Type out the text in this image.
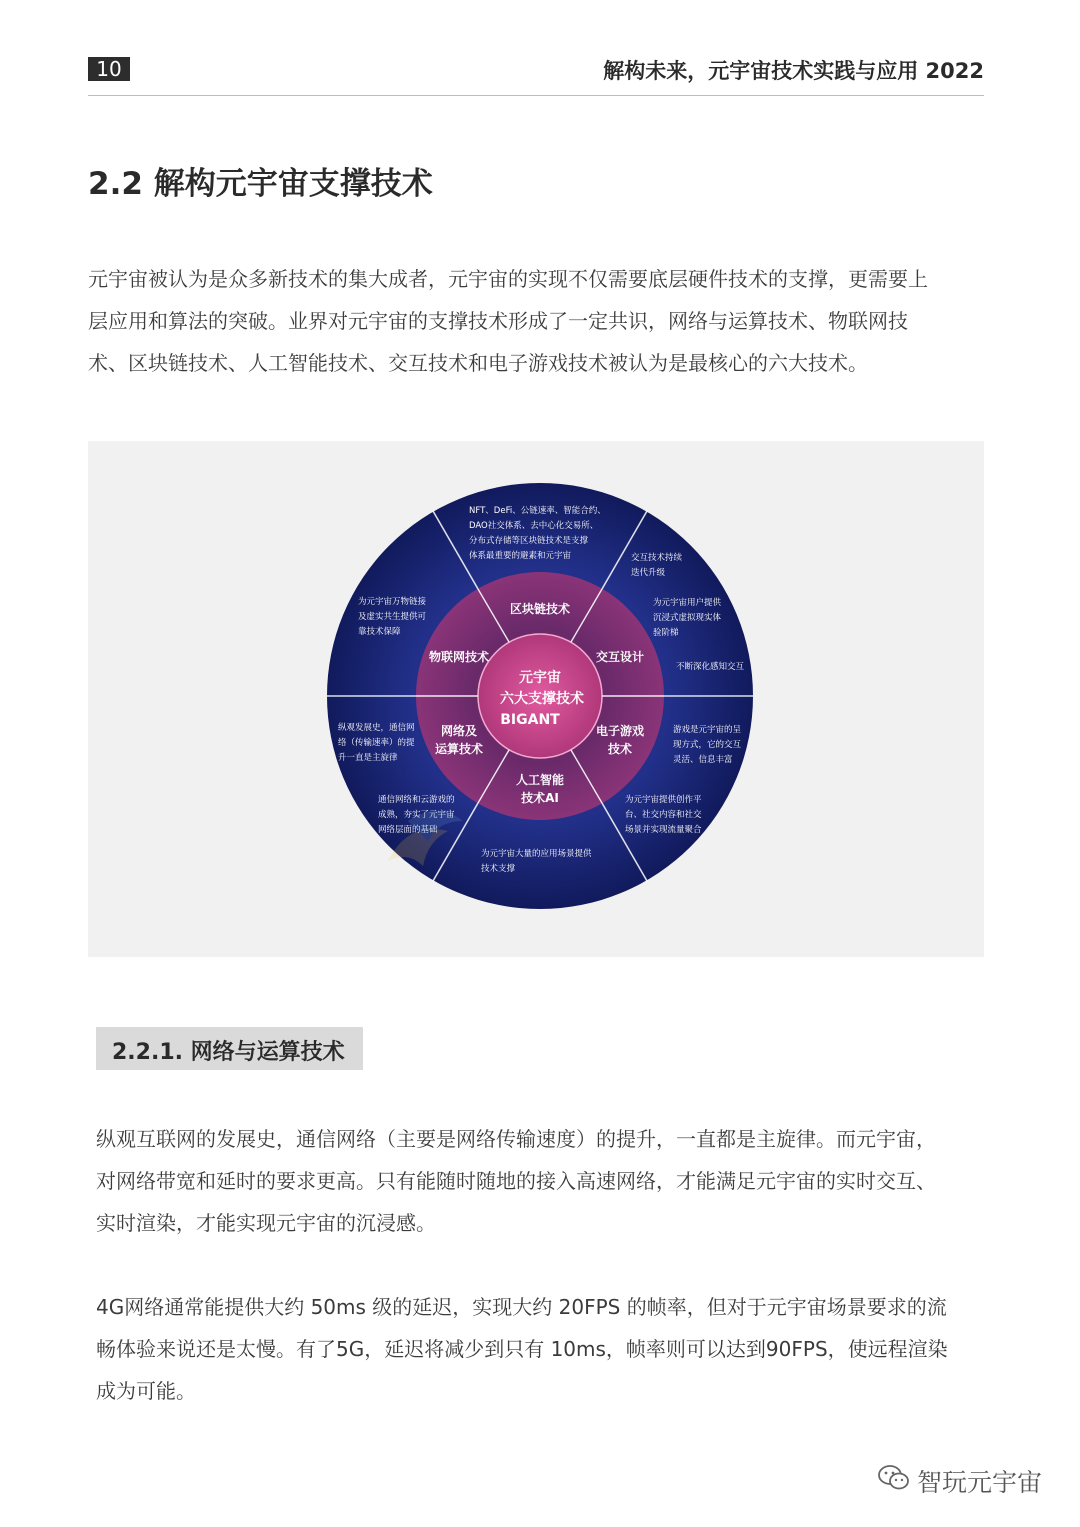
10	解构未来，元宇宙技术实践与应用 2022
2.2 解构元宇宙支撑技术

元宇宙被认为是众多新技术的集大成者，元宇宙的实现不仅需要底层硬件技术的支撑，更需要上
层应用和算法的突破。业界对元宇宙的支撑技术形成了一定共识，网络与运算技术、物联网技
术、区块链技术、人工智能技术、交互技术和电子游戏技术被认为是最核心的六大技术。

元宇宙
六大支撑技术
BIGANT
区块链技术
交互设计
电子游戏
技术
人工智能
技术AI
网络及
运算技术
物联网技术
NFT、DeFi、公链速率、智能合约、
DAO社交体系、去中心化交易所、
分布式存储等区块链技术是支撑
体系最重要的避素和元宇宙	交互技术持续
迭代升级
为元宇宙用户提供
沉浸式虚拟现实体
验阶梯
不断深化感知交互
游戏是元宇宙的呈
现方式，它的交互
灵活、信息丰富
为元宇宙提供创作平
台、社交内容和社交
场景并实现流量聚合
为元宇宙大量的应用场景提供
技术支撑
通信网络和云游戏的
成熟，夯实了元宇宙
网络层面的基础
纵观发展史，通信网
络（传输速率）的提
升一直是主旋律
为元宇宙万物链接
及虚实共生提供可
靠技术保障
2.2.1. 网络与运算技术

纵观互联网的发展史，通信网络（主要是网络传输速度）的提升，一直都是主旋律。而元宇宙，
对网络带宽和延时的要求更高。只有能随时随地的接入高速网络，才能满足元宇宙的实时交互、
实时渲染，才能实现元宇宙的沉浸感。

4G网络通常能提供大约 50ms 级的延迟，实现大约 20FPS 的帧率，但对于元宇宙场景要求的流
畅体验来说还是太慢。有了5G，延迟将减少到只有 10ms，帧率则可以达到90FPS，使远程渲染
成为可能。

智玩元宇宙
